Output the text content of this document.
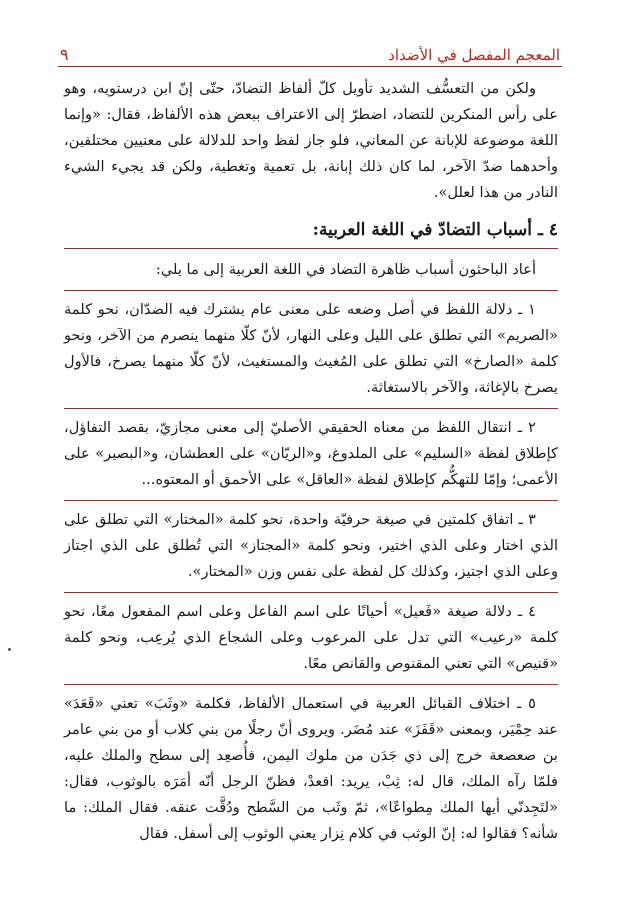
المعجم المفصل في الأضداد
٩

ولكن من التعسُّف الشديد تأويل كلّ ألفاظ التضادّ، حتّى إنّ ابن درستويه، وهو على رأس المنكرين للتضاد، اضطرّ إلى الاعتراف ببعض هذه الألفاظ، فقال: «وإنما اللغة موضوعة للإبانة عن المعاني، فلو جاز لفظ واحد للدلالة على معنيين مختلفين، وأحدهما ضدّ الآخر، لما كان ذلك إبانة، بل تعمية وتغطية، ولكن قد يجيء الشيء النادر من هذا لعلل».

٤ ـ أسباب التضادّ في اللغة العربية:

أعاد الباحثون أسباب ظاهرة التضاد في اللغة العربية إلى ما يلي:

١ ـ دلالة اللفظ في أصل وضعه على معنى عام يشترك فيه الضدّان، نحو كلمة «الصريم» التي تطلق على الليل وعلى النهار، لأنّ كلّا منهما ينصرم من الآخر، ونحو كلمة «الصارخ» التي تطلق على المُغيث والمستغيث، لأنّ كلّا منهما يصرخ، فالأول يصرخ بالإغاثة، والآخر بالاستغاثة.

٢ ـ انتقال اللفظ من معناه الحقيقي الأصليّ إلى معنى مجازيّ، بقصد التفاؤل، كإطلاق لفظة «السليم» على الملدوغ، و«الريّان» على العطشان، و«البصير» على الأعمى؛ وإمّا للتهكُّم كإطلاق لفظة «العاقل» على الأحمق أو المعتوه...

٣ ـ اتفاق كلمتين في صيغة حرفيّة واحدة، نحو كلمة «المختار» التي تطلق على الذي اختار وعلى الذي اختير، ونحو كلمة «المجتاز» التي تُطلق على الذي اجتاز وعلى الذي اجتيز، وكذلك كل لفظة على نفس وزن «المختار».

٤ ـ دلالة صيغة «فَعيل» أحيانًا على اسم الفاعل وعلى اسم المفعول معًا، نحو كلمة «رعيب» التي تدل على المرعوب وعلى الشجاع الذي يُرعِب، ونحو كلمة «قنيص» التي تعني المقنوص والقانص معًا.

٥ ـ اختلاف القبائل العربية في استعمال الألفاظ، فكلمة «وثَبَ» تعني «قَعَدَ» عند حِمْيَر، وبمعنى «قَفَزَ» عند مُضَر. ويروى أنّ رجلًا من بني كلاب أو من بني عامر بن صعصعة خرج إلى ذي جَدَن من ملوك اليمن، فأُصعِد إلى سطح والملك عليه، فلمّا رآه الملك، قال له: ثِبْ، يريد: اقعدْ، فظنّ الرجل أنّه أمَرَه بالوثوب، فقال: «لتَجِدنّي أيها الملك مِطواعًا»، ثمّ وثَب من السَّطح ودُقَّت عنقه. فقال الملك: ما شأنه؟ فقالوا له: إنّ الوثب في كلام نِزار يعني الوثوب إلى أسفل. فقال
